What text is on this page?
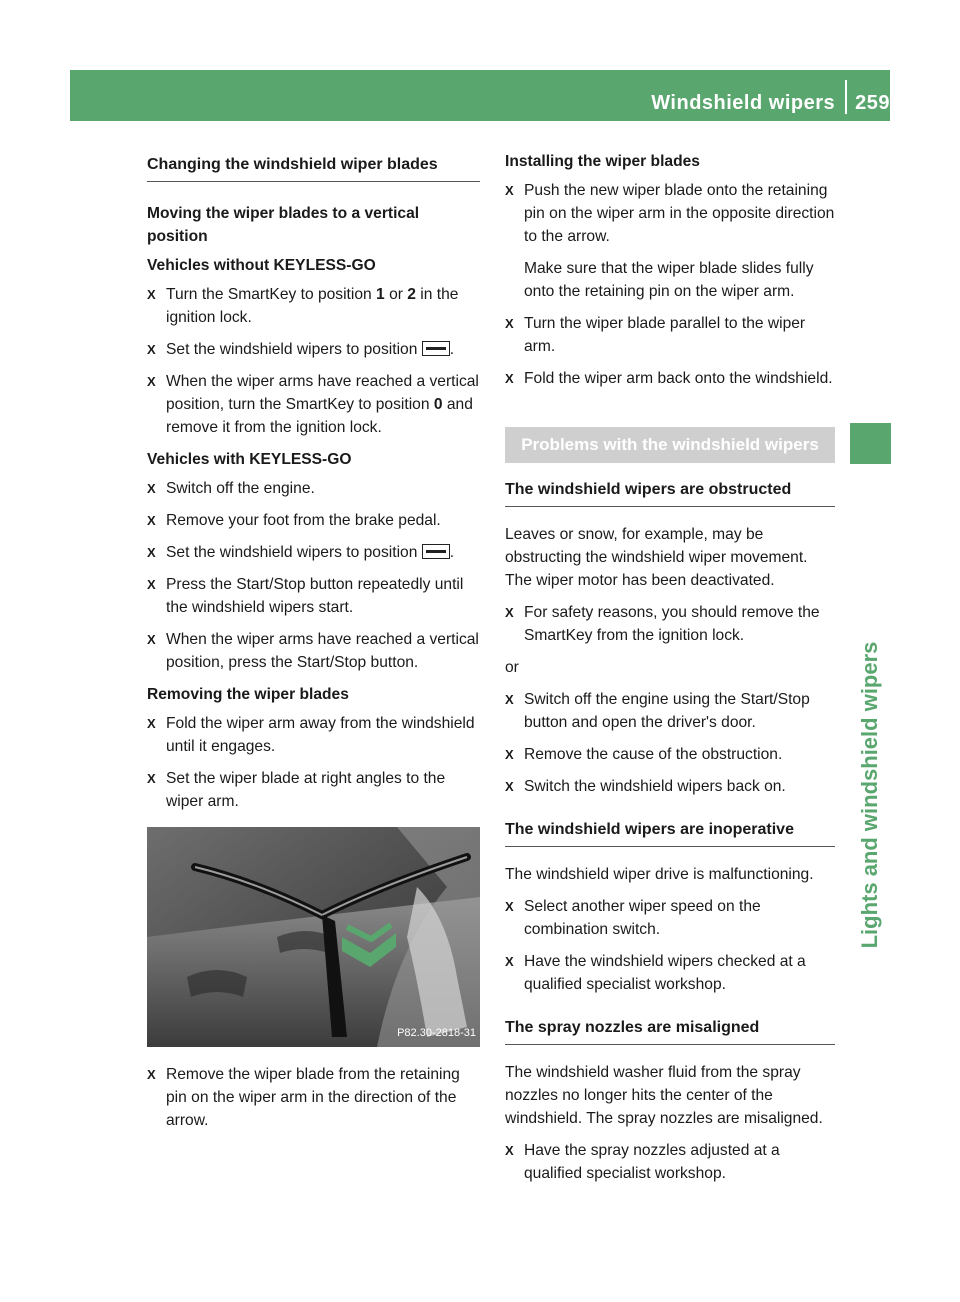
Windshield wipers 259
Lights and windshield wipers
Changing the windshield wiper blades
Moving the wiper blades to a vertical
position
Vehicles without KEYLESS-GO
X Turn the SmartKey to position 1 or 2 in the ignition lock.
X Set the windshield wipers to position .
X When the wiper arms have reached a vertical position, turn the SmartKey to position 0 and remove it from the ignition lock.
Vehicles with KEYLESS-GO
X Switch off the engine.
X Remove your foot from the brake pedal.
X Set the windshield wipers to position .
X Press the Start/Stop button repeatedly until the windshield wipers start.
X When the wiper arms have reached a vertical position, press the Start/Stop button.
Removing the wiper blades
X Fold the wiper arm away from the windshield until it engages.
X Set the wiper blade at right angles to the wiper arm.
P82.30-2818-31
X Remove the wiper blade from the retaining pin on the wiper arm in the direction of the arrow.
Installing the wiper blades
X Push the new wiper blade onto the retaining pin on the wiper arm in the opposite direction to the arrow.
Make sure that the wiper blade slides fully onto the retaining pin on the wiper arm.
X Turn the wiper blade parallel to the wiper arm.
X Fold the wiper arm back onto the windshield.
Problems with the windshield wipers
The windshield wipers are obstructed

Leaves or snow, for example, may be obstructing the windshield wiper movement. The wiper motor has been deactivated.

X For safety reasons, you should remove the SmartKey from the ignition lock.

or

X Switch off the engine using the Start/Stop button and open the driver's door.
X Remove the cause of the obstruction.
X Switch the windshield wipers back on.
The windshield wipers are inoperative

The windshield wiper drive is malfunctioning.

X Select another wiper speed on the combination switch.
X Have the windshield wipers checked at a qualified specialist workshop.
The spray nozzles are misaligned

The windshield washer fluid from the spray nozzles no longer hits the center of the windshield. The spray nozzles are misaligned.

X Have the spray nozzles adjusted at a qualified specialist workshop.
